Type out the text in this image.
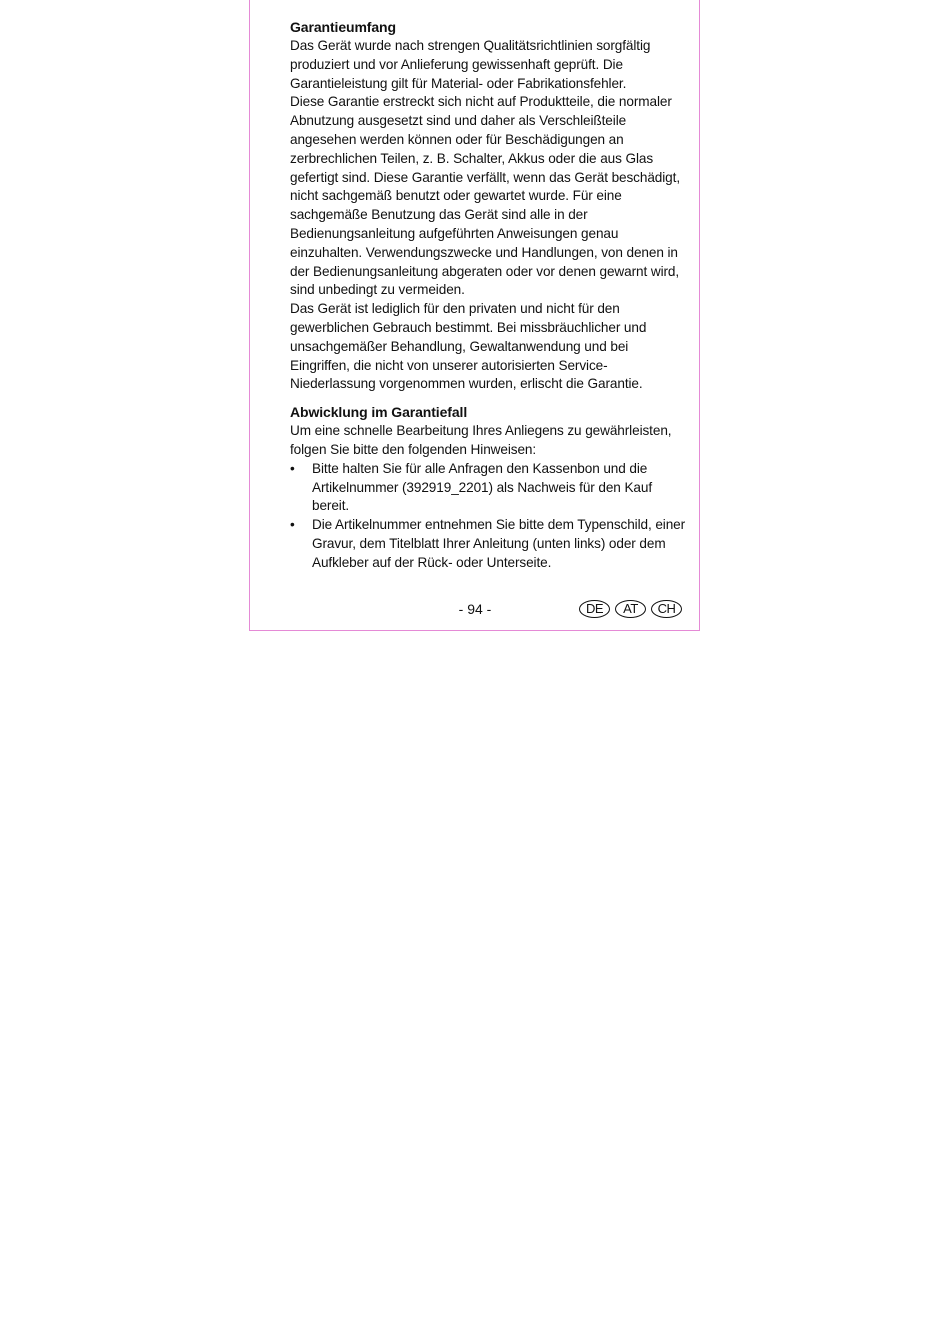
Garantieumfang

Das Gerät wurde nach strengen Qualitätsrichtlinien sorgfältig produziert und vor Anlieferung gewissenhaft geprüft. Die Garantieleistung gilt für Material- oder Fabrikationsfehler.

Diese Garantie erstreckt sich nicht auf Produktteile, die normaler Abnutzung ausgesetzt sind und daher als Verschleißteile angesehen werden können oder für Beschädigungen an zerbrechlichen Teilen, z. B. Schalter, Akkus oder die aus Glas gefertigt sind. Diese Garantie verfällt, wenn das Gerät beschädigt, nicht sachgemäß benutzt oder gewartet wurde. Für eine sachgemäße Benutzung das Gerät sind alle in der Bedienungsanleitung aufgeführten Anweisungen genau einzuhalten. Verwendungszwecke und Handlungen, von denen in der Bedienungsanleitung abgeraten oder vor denen gewarnt wird, sind unbedingt zu vermeiden.

Das Gerät ist lediglich für den privaten und nicht für den gewerblichen Gebrauch bestimmt. Bei missbräuchlicher und unsachgemäßer Behandlung, Gewaltanwendung und bei Eingriffen, die nicht von unserer autorisierten Service-Niederlassung vorgenommen wurden, erlischt die Garantie.

Abwicklung im Garantiefall

Um eine schnelle Bearbeitung Ihres Anliegens zu gewährleisten, folgen Sie bitte den folgenden Hinweisen:

• Bitte halten Sie für alle Anfragen den Kassenbon und die Artikelnummer (392919_2201) als Nachweis für den Kauf bereit.
• Die Artikelnummer entnehmen Sie bitte dem Typenschild, einer Gravur, dem Titelblatt Ihrer Anleitung (unten links) oder dem Aufkleber auf der Rück- oder Unterseite.
- 94 -	DE	AT	CH
